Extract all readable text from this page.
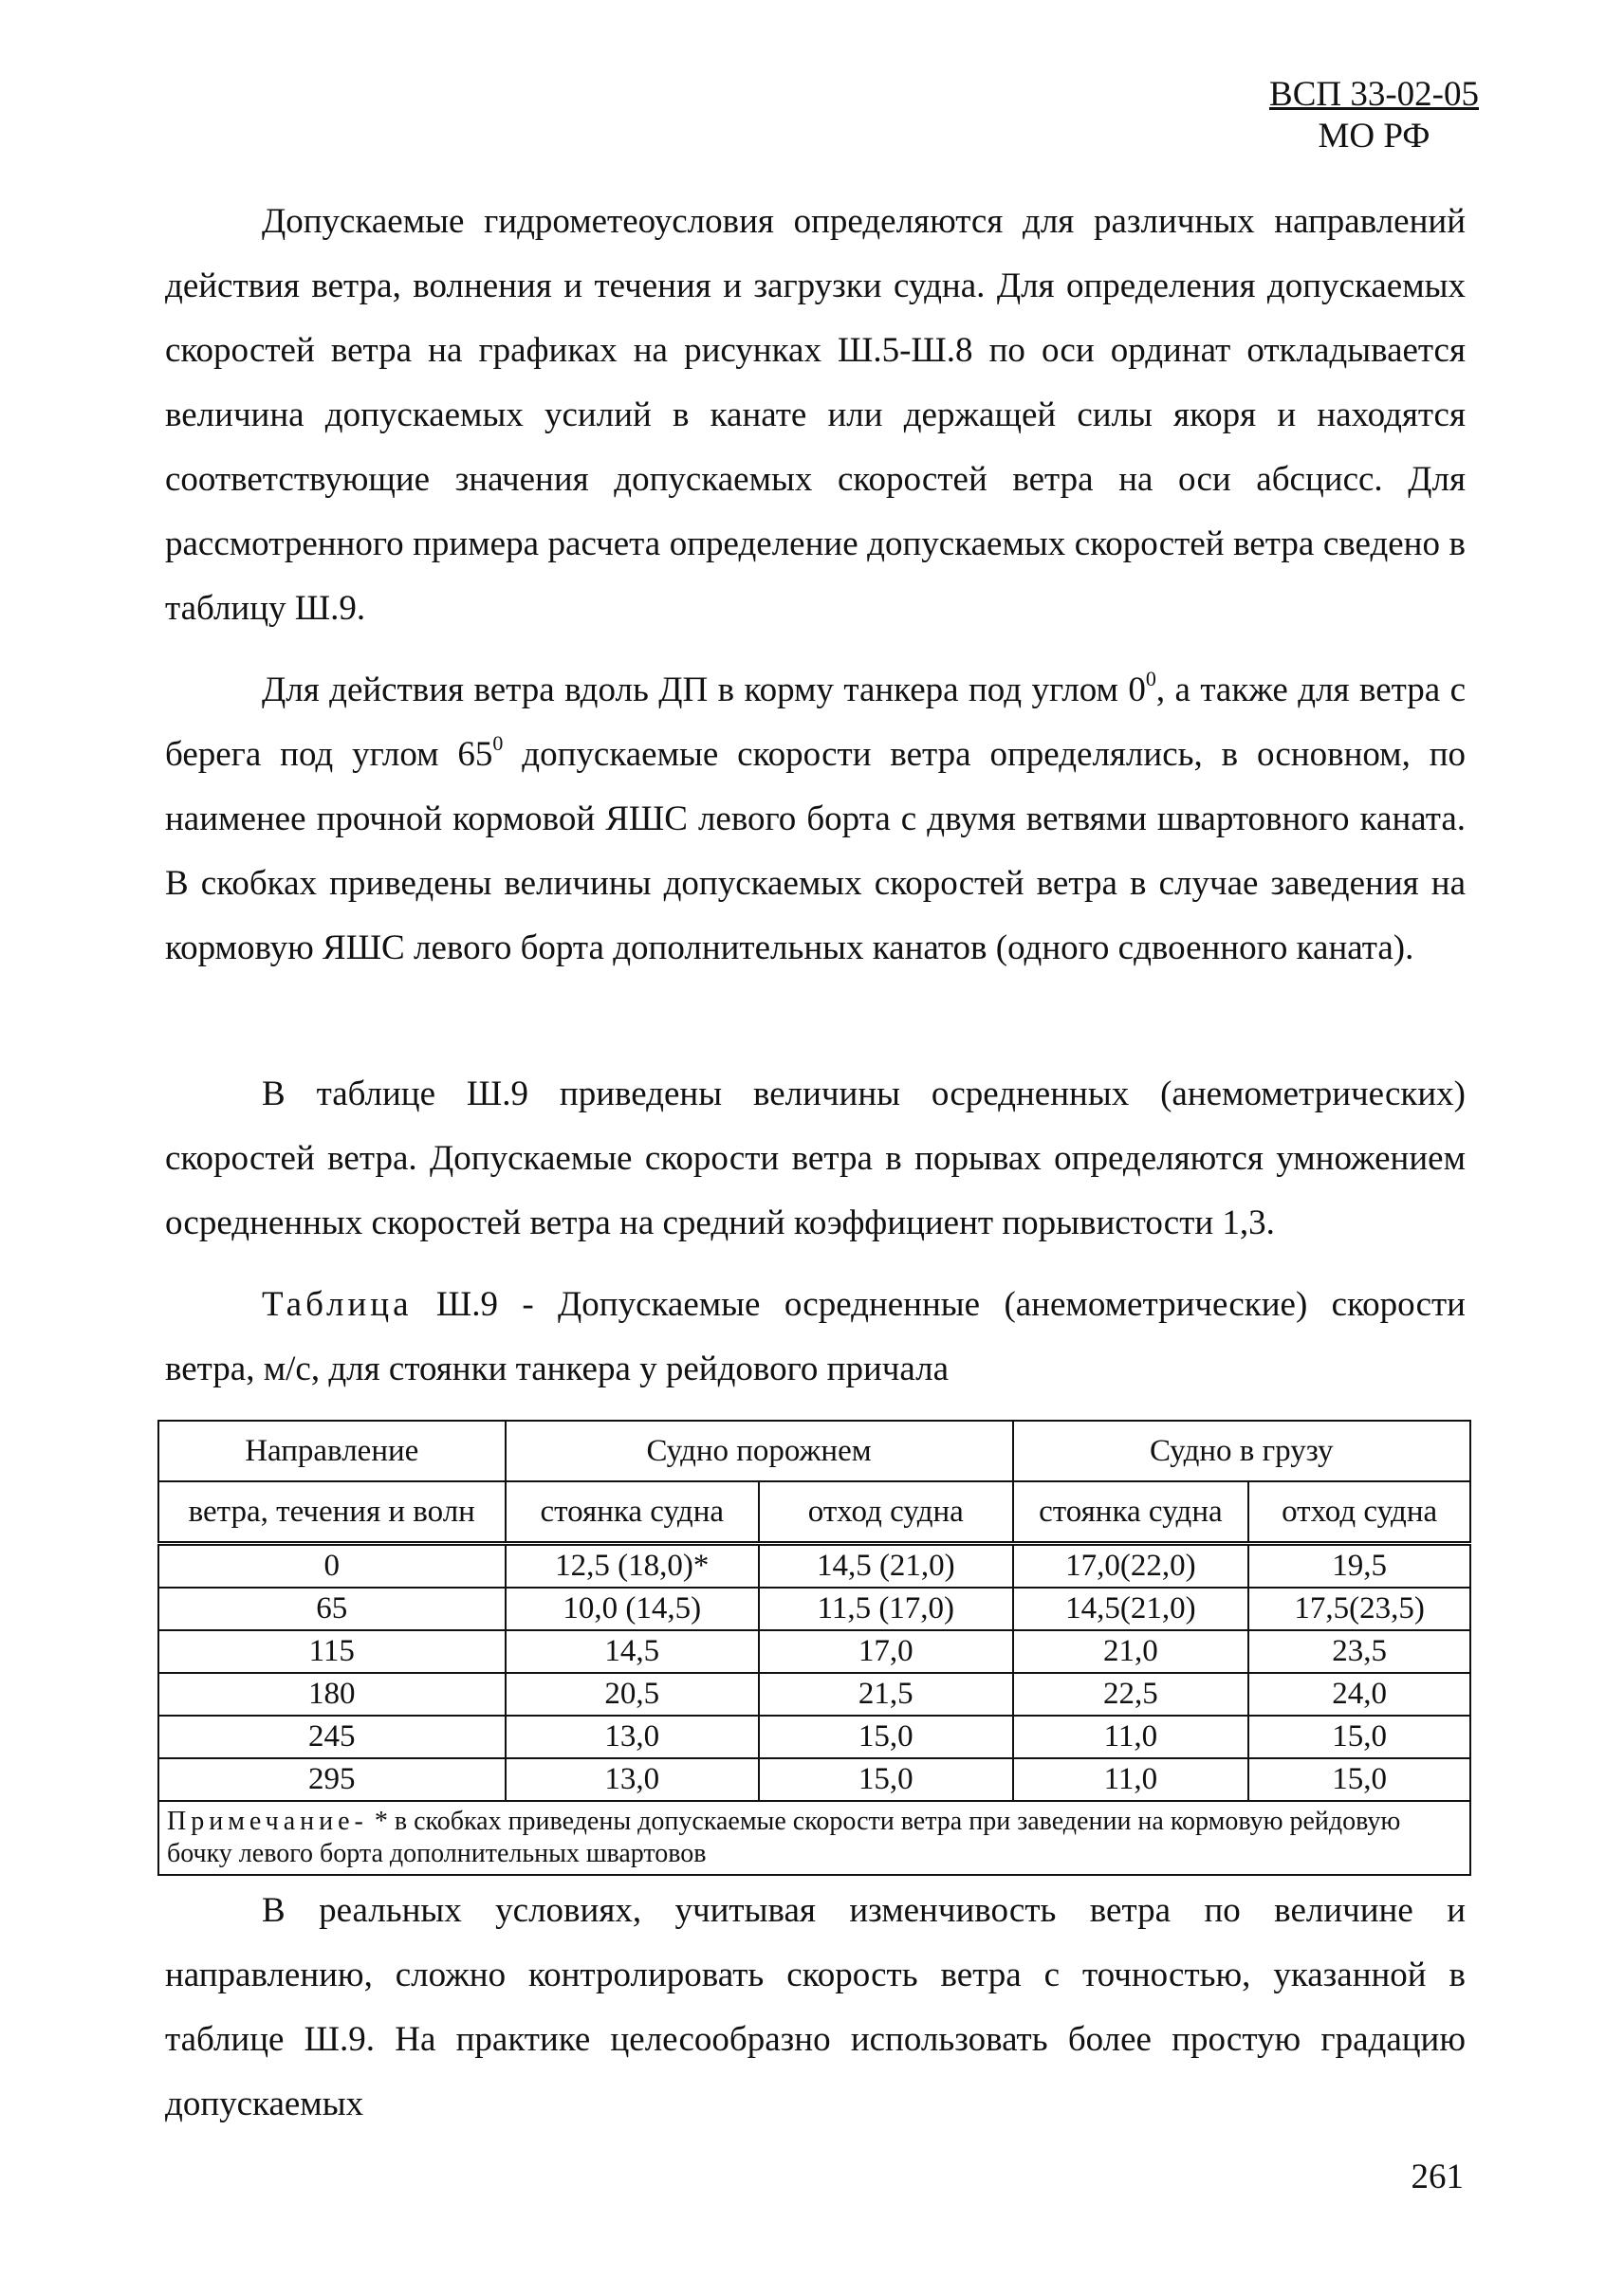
ВСП 33-02-05
МО РФ

Допускаемые гидрометеоусловия определяются для различных направлений действия ветра, волнения и течения и загрузки судна. Для определения допускаемых скоростей ветра на графиках на рисунках Ш.5-Ш.8 по оси ординат откладывается величина допускаемых усилий в канате или держащей силы якоря и находятся соответствующие значения допускаемых скоростей ветра на оси абсцисс. Для рассмотренного примера расчета определение допускаемых скоростей ветра сведено в таблицу Ш.9.

Для действия ветра вдоль ДП в корму танкера под углом $0^0$, а также для ветра с берега под углом $65^0$ допускаемые скорости ветра определялись, в основном, по наименее прочной кормовой ЯШС левого борта с двумя ветвями швартовного каната. В скобках приведены величины допускаемых скоростей ветра в случае заведения на кормовую ЯШС левого борта дополнительных канатов (одного сдвоенного каната).

В таблице Ш.9 приведены величины осредненных (анемометрических) скоростей ветра. Допускаемые скорости ветра в порывах определяются умножением осредненных скоростей ветра на средний коэффициент порывистости 1,3.

Таблица Ш.9 - Допускаемые осредненные (анемометрические) скорости ветра, м/с, для стоянки танкера у рейдового причала

Направление	Судно порожнем		Судно в грузу	
ветра, течения и волн	стоянка судна	отход судна	стоянка судна	отход судна
0	12,5 (18,0)*	14,5 (21,0)	17,0(22,0)	19,5
65	10,0 (14,5)	11,5 (17,0)	14,5(21,0)	17,5(23,5)
115	14,5	17,0	21,0	23,5
180	20,5	21,5	22,5	24,0
245	13,0	15,0	11,0	15,0
295	13,0	15,0	11,0	15,0
Примечание- * в скобках приведены допускаемые скорости ветра при заведении на кормовую рейдовую бочку левого борта дополнительных швартовов				

В реальных условиях, учитывая изменчивость ветра по величине и направлению, сложно контролировать скорость ветра с точностью, указанной в таблице Ш.9. На практике целесообразно использовать более простую градацию допускаемых

261
